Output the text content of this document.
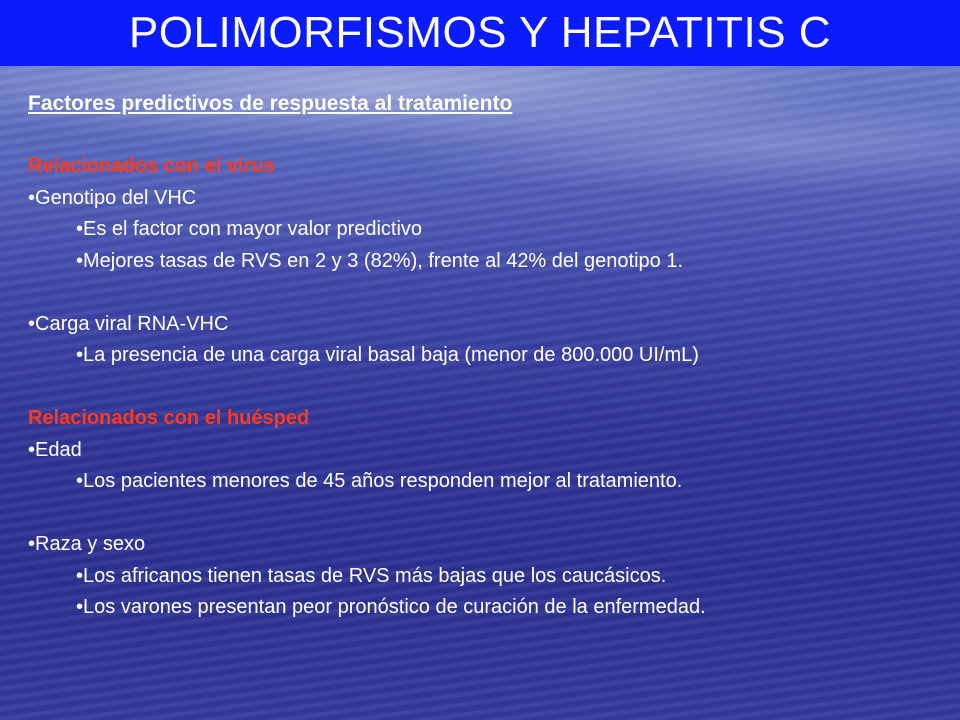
POLIMORFISMOS Y HEPATITIS C
Factores predictivos de respuesta al tratamiento
Relacionados con el virus
• Genotipo del VHC
• Es el factor con mayor valor predictivo
• Mejores tasas de RVS en 2 y 3 (82%), frente al 42% del genotipo 1.
• Carga viral RNA-VHC
• La presencia de una carga viral basal baja (menor de 800.000 UI/mL)
Relacionados con el huésped
• Edad
• Los pacientes menores de 45 años responden mejor al tratamiento.
• Raza y sexo
• Los africanos tienen tasas de RVS más bajas que los caucásicos.
• Los varones presentan peor pronóstico de curación de la enfermedad.
